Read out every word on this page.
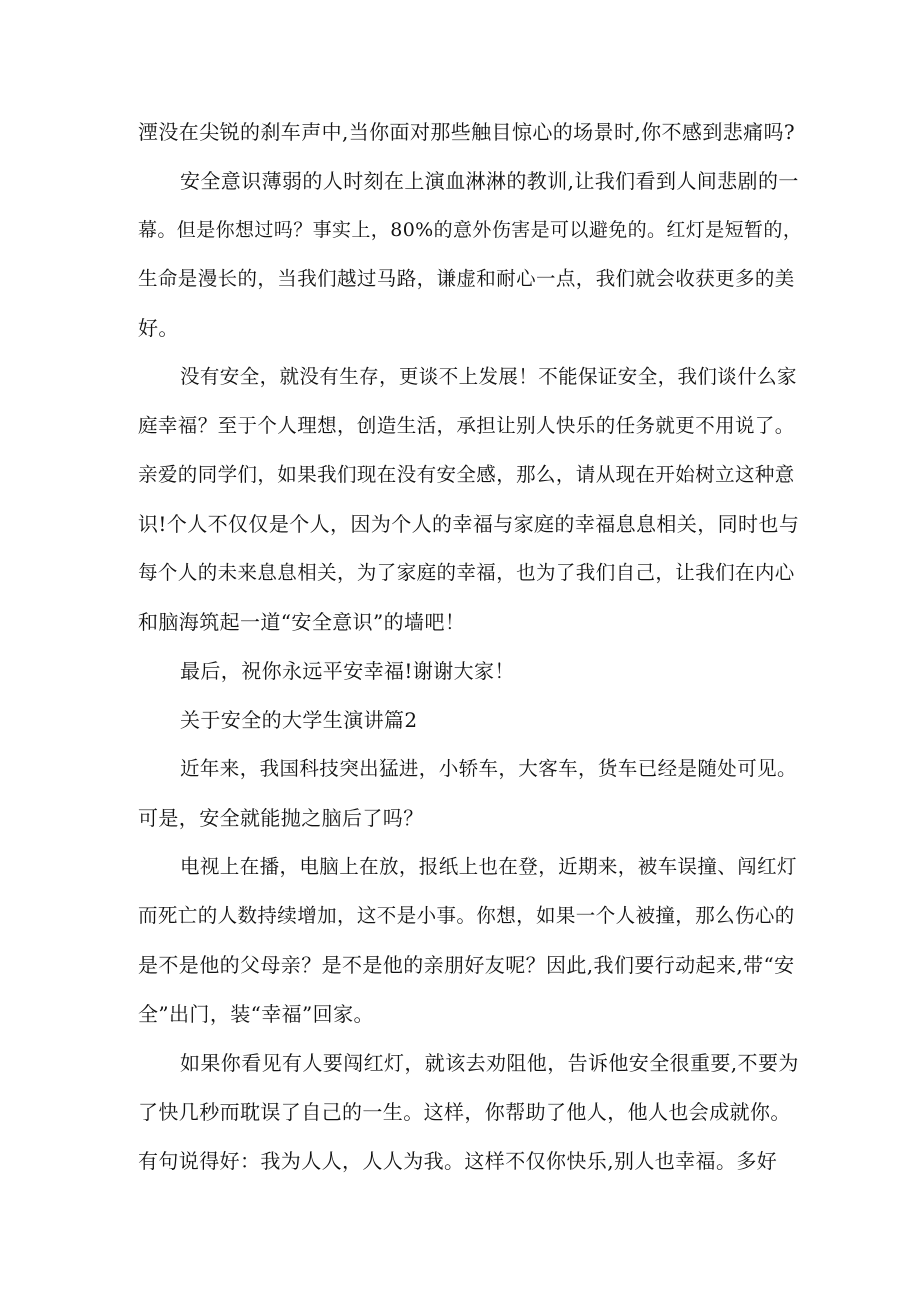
湮没在尖锐的刹车声中,当你面对那些触目惊心的场景时,你不感到悲痛吗?
安全意识薄弱的人时刻在上演血淋淋的教训,让我们看到人间悲剧的一
幕。但是你想过吗？事实上，80%的意外伤害是可以避免的。红灯是短暂的，
生命是漫长的，当我们越过马路，谦虚和耐心一点，我们就会收获更多的美
好。
没有安全，就没有生存，更谈不上发展！不能保证安全，我们谈什么家
庭幸福？至于个人理想，创造生活，承担让别人快乐的任务就更不用说了。
亲爱的同学们，如果我们现在没有安全感，那么，请从现在开始树立这种意
识!个人不仅仅是个人，因为个人的幸福与家庭的幸福息息相关，同时也与
每个人的未来息息相关，为了家庭的幸福，也为了我们自己，让我们在内心
和脑海筑起一道“安全意识”的墙吧！
最后，祝你永远平安幸福!谢谢大家！
关于安全的大学生演讲篇2
近年来，我国科技突出猛进，小轿车，大客车，货车已经是随处可见。
可是，安全就能抛之脑后了吗？
电视上在播，电脑上在放，报纸上也在登，近期来，被车误撞、闯红灯
而死亡的人数持续增加，这不是小事。你想，如果一个人被撞，那么伤心的
是不是他的父母亲？是不是他的亲朋好友呢？因此,我们要行动起来,带“安
全”出门，装“幸福”回家。
如果你看见有人要闯红灯，就该去劝阻他，告诉他安全很重要,不要为
了快几秒而耽误了自己的一生。这样，你帮助了他人，他人也会成就你。
有句说得好：我为人人，人人为我。这样不仅你快乐,别人也幸福。多好
